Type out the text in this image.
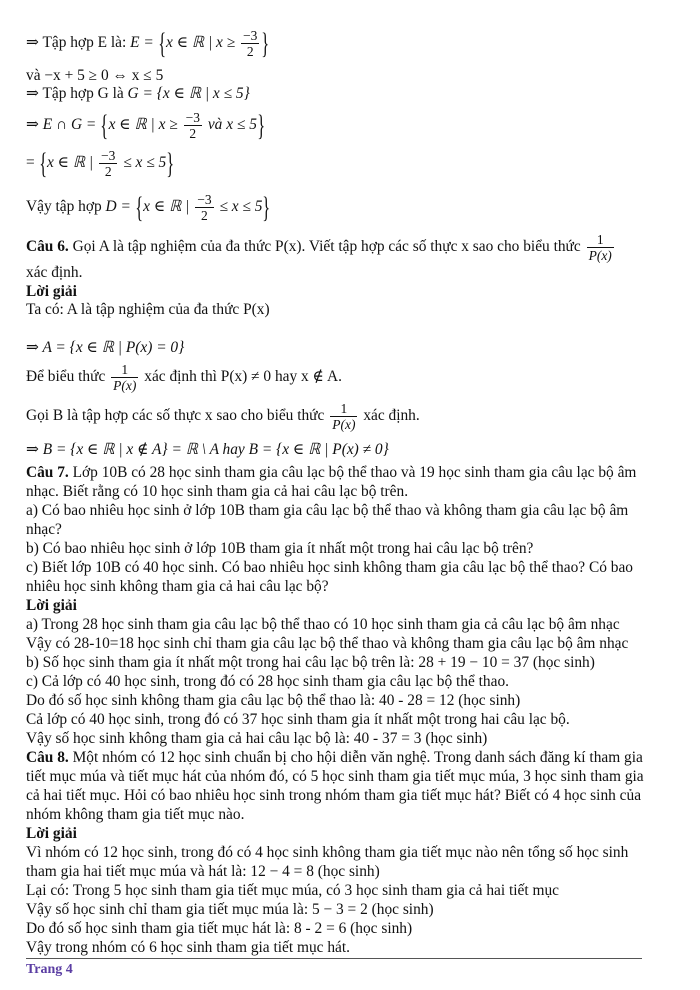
⇒ Tập hợp E là: E = {x ∈ ℝ | $x \ge \frac{-3}{2}$ }
và −x + 5 ≥ 0 ⇔ x ≤ 5
⇒ Tập hợp G là G = {x ∈ ℝ | x ≤ 5}
⇒ E ∩ G = {x ∈ ℝ | $x \ge \frac{-3}{2}$ và x ≤ 5}
= {x ∈ ℝ | $\frac{-3}{2} \le x \le 5$}
Vậy tập hợp D = {x ∈ ℝ | $\frac{-3}{2} \le x \le 5$}
Câu 6. Gọi A là tập nghiệm của đa thức P(x). Viết tập hợp các số thực x sao cho biểu thức $\frac{1}{P(x)}$
xác định.
Lời giải
Ta có: A là tập nghiệm của đa thức P(x)
⇒ A = {x ∈ ℝ | P(x) = 0}
Để biểu thức $\frac{1}{P(x)}$ xác định thì P(x) ≠ 0 hay x ∉ A.
Gọi B là tập hợp các số thực x sao cho biểu thức $\frac{1}{P(x)}$ xác định.
⇒ B = {x ∈ ℝ | x ∉ A} = ℝ \ A hay B = {x ∈ ℝ | P(x) ≠ 0}
Câu 7. Lớp 10B có 28 học sinh tham gia câu lạc bộ thể thao và 19 học sinh tham gia câu lạc bộ âm
nhạc. Biết rằng có 10 học sinh tham gia cả hai câu lạc bộ trên.
a) Có bao nhiêu học sinh ở lớp 10B tham gia câu lạc bộ thể thao và không tham gia câu lạc bộ âm
nhạc?
b) Có bao nhiêu học sinh ở lớp 10B tham gia ít nhất một trong hai câu lạc bộ trên?
c) Biết lớp 10B có 40 học sinh. Có bao nhiêu học sinh không tham gia câu lạc bộ thể thao? Có bao
nhiêu học sinh không tham gia cả hai câu lạc bộ?
Lời giải
a) Trong 28 học sinh tham gia câu lạc bộ thể thao có 10 học sinh tham gia cả câu lạc bộ âm nhạc
Vậy có 28-10=18 học sinh chỉ tham gia câu lạc bộ thể thao và không tham gia câu lạc bộ âm nhạc
b) Số học sinh tham gia ít nhất một trong hai câu lạc bộ trên là: 28 + 19 − 10 = 37 (học sinh)
c) Cả lớp có 40 học sinh, trong đó có 28 học sinh tham gia câu lạc bộ thể thao.
Do đó số học sinh không tham gia câu lạc bộ thể thao là: 40 - 28 = 12 (học sinh)
Cả lớp có 40 học sinh, trong đó có 37 học sinh tham gia ít nhất một trong hai câu lạc bộ.
Vậy số học sinh không tham gia cả hai câu lạc bộ là: 40 - 37 = 3 (học sinh)
Câu 8. Một nhóm có 12 học sinh chuẩn bị cho hội diễn văn nghệ. Trong danh sách đăng kí tham gia
tiết mục múa và tiết mục hát của nhóm đó, có 5 học sinh tham gia tiết mục múa, 3 học sinh tham gia
cả hai tiết mục. Hỏi có bao nhiêu học sinh trong nhóm tham gia tiết mục hát? Biết có 4 học sinh của
nhóm không tham gia tiết mục nào.
Lời giải
Vì nhóm có 12 học sinh, trong đó có 4 học sinh không tham gia tiết mục nào nên tổng số học sinh
tham gia hai tiết mục múa và hát là: 12 − 4 = 8 (học sinh)
Lại có: Trong 5 học sinh tham gia tiết mục múa, có 3 học sinh tham gia cả hai tiết mục
Vậy số học sinh chỉ tham gia tiết mục múa là: 5 − 3 = 2 (học sinh)
Do đó số học sinh tham gia tiết mục hát là: 8 - 2 = 6 (học sinh)
Vậy trong nhóm có 6 học sinh tham gia tiết mục hát.
Trang 4
